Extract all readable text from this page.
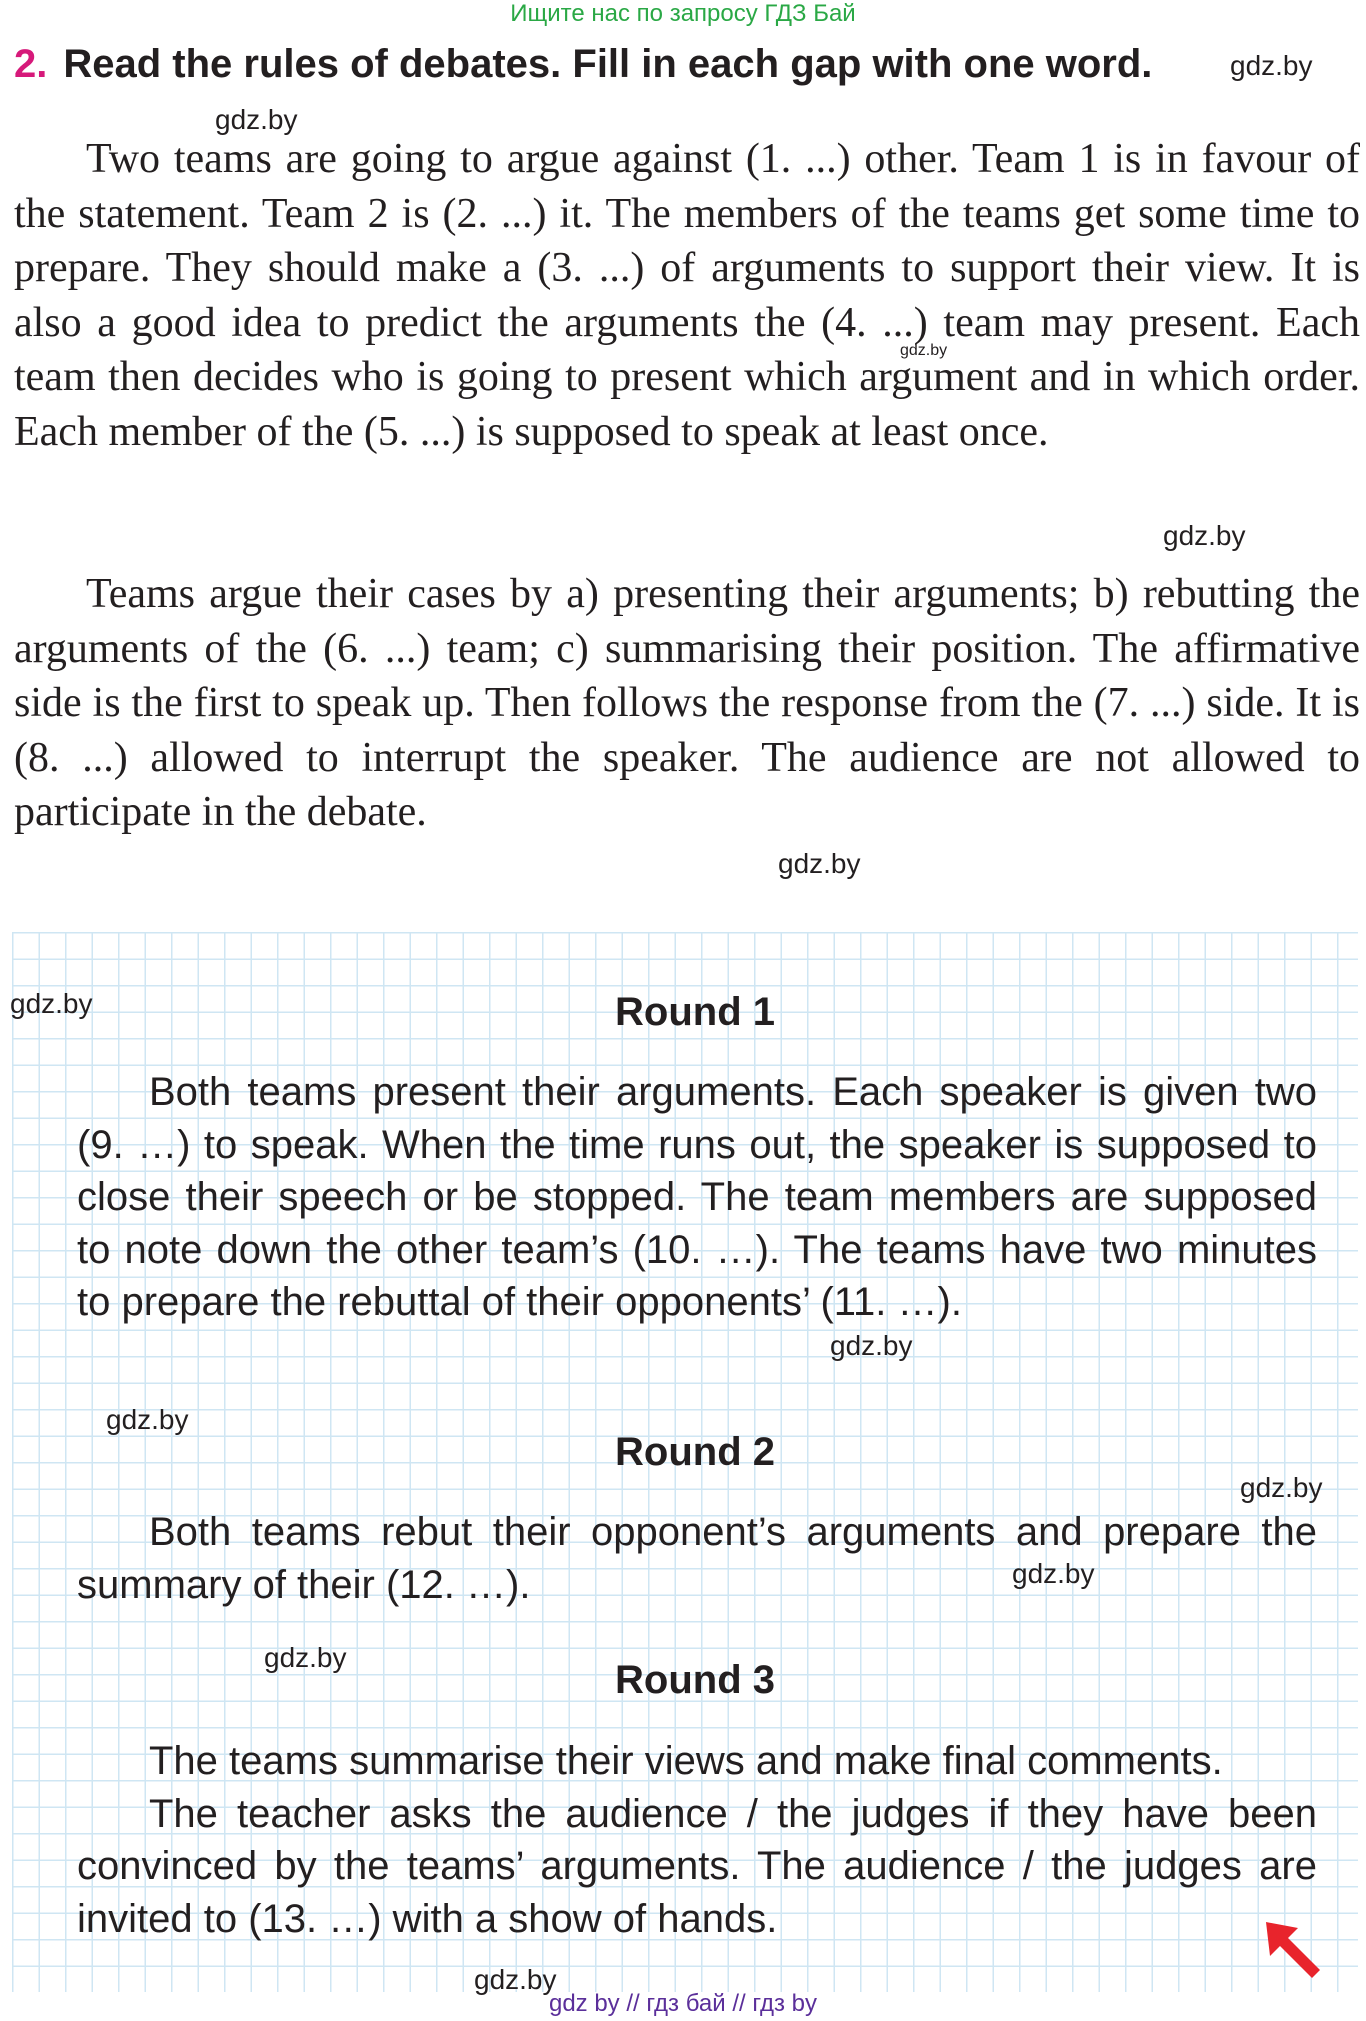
Ищите нас по запросу ГДЗ Бай
2. Read the rules of debates. Fill in each gap with one word.	gdz.by
gdz.by
gdz.by
gdz.by
gdz.by

Two teams are going to argue against (1. ...) other. Team 1 is in favour of the statement. Team 2 is (2. ...) it. The members of the teams get some time to prepare. They should make a (3. ...) of arguments to support their view. It is also a good idea to predict the arguments the (4. ...) team may present. Each team then decides who is going to present which argument and in which order. Each member of the (5. ...) is supposed to speak at least once.

Teams argue their cases by a) presenting their arguments; b) rebutting the arguments of the (6. ...) team; c) summarising their position. The affirmative side is the first to speak up. Then follows the response from the (7. ...) side. It is (8. ...) allowed to interrupt the speaker. The audience are not allowed to participate in the debate.

Round 1

Both teams present their arguments. Each speaker is given two (9. …) to speak. When the time runs out, the speaker is supposed to close their speech or be stopped. The team members are supposed to note down the other team’s (10. …). The teams have two minutes to prepare the rebuttal of their opponents’ (11. …).

Round 2

Both teams rebut their opponent’s arguments and prepare the summary of their (12. …).

Round 3

The teams summarise their views and make final comments.

The teacher asks the audience / the judges if they have been convinced by the teams’ arguments. The audience / the judges are invited to (13. …) with a show of hands.

gdz.by
gdz.by
gdz.by
gdz.by
gdz.by
gdz.by
gdz.by
gdz by // гдз бай // гдз by
